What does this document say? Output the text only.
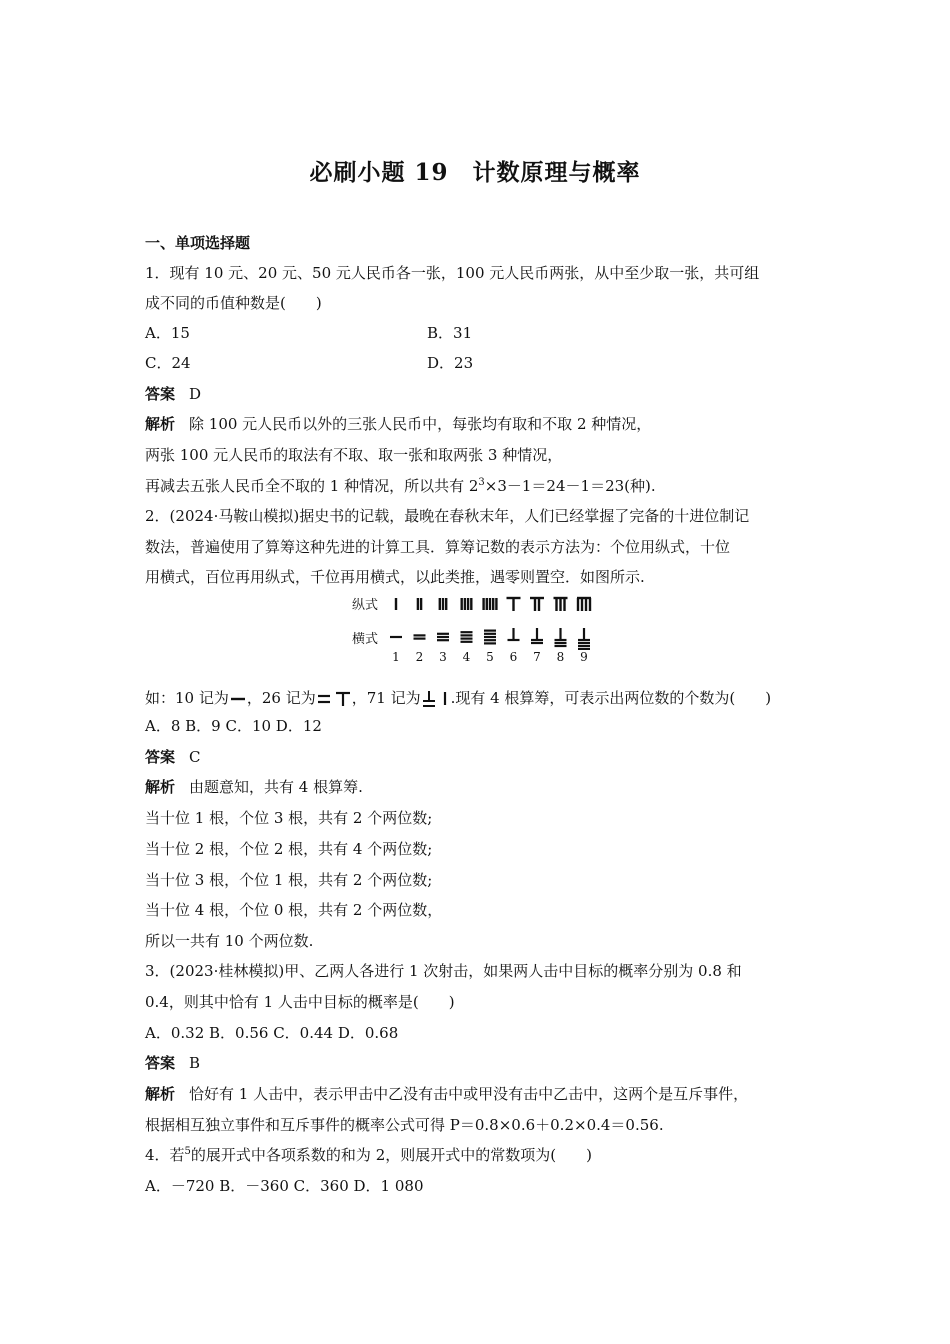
必刷小题 19　计数原理与概率
一、单项选择题
1．现有 10 元、20 元、50 元人民币各一张，100 元人民币两张，从中至少取一张，共可组
成不同的币值种数是(　　)
A．15	B．31
C．24	D．23
答案 D
解析 除 100 元人民币以外的三张人民币中，每张均有取和不取 2 种情况，
两张 100 元人民币的取法有不取、取一张和取两张 3 种情况，
再减去五张人民币全不取的 1 种情况，所以共有 $2^3\times 3-1=24-1=23$(种).
2．(2024·马鞍山模拟)据史书的记载，最晚在春秋末年，人们已经掌握了完备的十进位制记
数法，普遍使用了算筹这种先进的计算工具．算筹记数的表示方法为：个位用纵式，十位
用横式，百位再用纵式，千位再用横式，以此类推，遇零则置空．如图所示.
纵式
横式
1 2 3 4 5 6 7 8 9
如：10 记为 ，26 记为 ，71 记为 .现有 4 根算筹，可表示出两位数的个数为(　　)
A．8 B．9 C．10 D．12
答案 C
解析 由题意知，共有 4 根算筹.
当十位 1 根，个位 3 根，共有 2 个两位数;
当十位 2 根，个位 2 根，共有 4 个两位数;
当十位 3 根，个位 1 根，共有 2 个两位数;
当十位 4 根，个位 0 根，共有 2 个两位数，
所以一共有 10 个两位数.
3．(2023·桂林模拟)甲、乙两人各进行 1 次射击，如果两人击中目标的概率分别为 0.8 和
0.4，则其中恰有 1 人击中目标的概率是(　　)
A．0.32 B．0.56 C．0.44 D．0.68
答案 B
解析 恰好有 1 人击中，表示甲击中乙没有击中或甲没有击中乙击中，这两个是互斥事件，
根据相互独立事件和互斥事件的概率公式可得 P＝0.8×0.6＋0.2×0.4＝0.56.
4．若$^5$的展开式中各项系数的和为 2，则展开式中的常数项为(　　)
A．－720 B．－360 C．360 D．1 080
